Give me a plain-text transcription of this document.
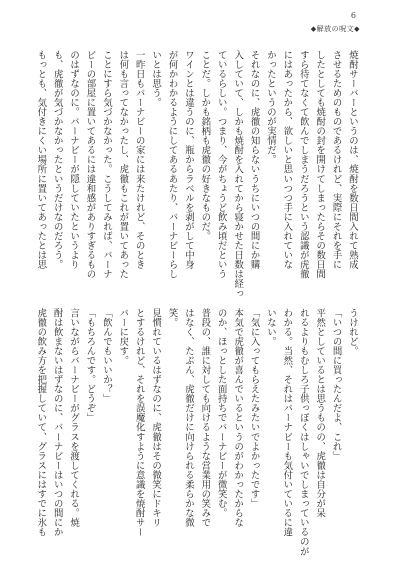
6
◆解放の呪文◆
焼酎サーバーというのは、焼酎を数日間入れて熟成
させるためのものであるけれど、実際にそれを手に
したとしても焼酎の封を開けてしまったらその数日間
すら待てなくて飲んでしまうだろうという認識が虎徹
にはあったから、欲しいと思いつつ手に入れていな
かったというのが実情だ。
それなのに、虎徹の知らないうちにいつの間にか購
入していて、しかも焼酎を入れてから寝かせた日数は経っ
ているらしい。つまり、今がちょうど飲み頃だという
ことだ。しかも銘柄も虎徹の好きなものだ。
ワインとは違うのに、瓶からラベルを剥がして中身
が何かわかるようにしてあるあたり、バーナビーらし
いとは思う。
一昨日もバーナビーの家には来たけれど、そのとき
は何も言ってなかったし、虎徹もこれが置いてあった
ことにすら気づかなかった。こうしてみれば、バーナ
ビーの部屋に置いてあるには違和感がありすぎるもの
のはずなのに。バーナビーが隠していたというより
も、虎徹が気づかなかったというだけなのだろう。
もっとも、気付きにくい場所に置いてあったとは思
うけれど。
「いつの間に買ったんだよ、これ」
平然としているとは思うものの、虎徹は自分が呆
れるよりもむしろ子供っぽくはしゃいでしまっているのが
わかる。当然、それはバーナビーも気付いているに違
いない。
「気に入ってもらえたみたいでよかったです」
本気で虎徹が喜んでいるというのがわかったからな
のか、ほっとした面持ちでバーナビーが微笑む。
普段の、誰に対しても向けるような営業用の笑みで
はなく、たぶん、虎徹だけに向けられる柔らかな微
笑。
見慣れているはずなのに、虎徹はその微笑にドキリ
とするけれど、それを誤魔化すように意識を焼酎サー
バーに戻す。
「飲んでもいいか？」
「もちろんです。どうぞ」
言いながらバーナビーがグラスを渡してくれる。焼
酎は飲まないはずなのに、バーナビーはいつの間にか
虎徹の飲み方を把握していて、グラスにはすでに氷も
